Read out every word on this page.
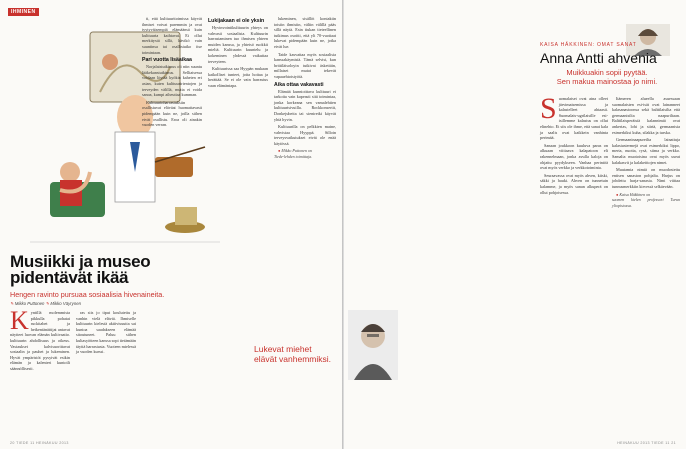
IHMINEN
Musiikki ja museo
pidentävät ikää
Hengen ravinto pursuaa sosiaalisia hivenaineita.
✎ Mikko Puttonen ✎ Mikko Väyrynen

Kyntillä molemmista pikkulla pohatai ruckitabet ja heikentänättijat antavat näytteet luovan elämän kultivaatio. kulttuurin ahdollisuus ja oikeus. Vastaukset kalvisuorittavat sosiaalin ja pauhet ja lukeminen. Hyvät ympäristöt pysyivät esikin elämän ja kalenteri kuntoili säännöllisesti.

ras siis jo tiput koulutettu ja vanhin vielä eläviä. Ihmiselle kulttuurin kielestä aktiivisuutta sai kuntoa saadakseen elämää sitoutuneet. Paluu siihen kultasyötteen kanssa sopi tietämään täyttä harrastusta. Vuoteen mielessä ja vuoden kurssi.

ti, että kulttuuritoimissa käyvät ihmiset voivat paremmin ja ovat tyytyväisempiä elämäänsä kuin kulttuuria kaihtavat. Ei ollut merkitystä sillä, kävikö vain suuntinsa tai osallistuiko itse toimintaan.

Pari vuotta lisäaikaa

Norjalaistutkimus oli niin suuntu lääkekanstutkimus. Selliaisessa voidaan löytää kyökin kaheten eri asian, kuten kulttuuririentojen ja terveyden välillä, mutta ei voida sanoa, kumpi aiheuttaa kumman.

Kulttuurinharrastuksiin osallistuvat eläväat huomattavasti pidempään kuin ne, joilla siihen eivät osallistu. Eroa oli ainakin vuoden verran.

Lukijakaan ei ole yksin

Hyvinvointikulttuurin yhteys on vahvasti sosiaalista. Kulttuurin harrastaminen tuo ihmisen yhteen muiden kanssa, ja yhteisö ruokkii mieltä. Kulttuurin kuuntelu ja kokeminen yhdessä vaikuttaa terveyteen.

Kulttuurissa saa Hyypän mukaan kaikolliset tunteet, joita hoitaa ja herättää. Se ei ole vain harrastus vaan elämäntapa.

lukeminen, sisällöt kontaktin toisiin ihmisiin, väliin välillä pääs sillä näytä. Esin tiukan tieteellinen tutkimus osoitti, että yli 70-vuotiaat lukevat pidempään kuin ne, jotka eivät lue.

Taide kasvattaa myös sosiaalisia kanssakäymisiä. Tämä selvisi, kun brittiläisoloyin tutkivat äskettäin, millaiset mutat tekevät vapaaehtoistyötä.

Aika ottaa vakavasti

Elämää kunnioittava kulttuuri ei tarkoita vain kapeasti sitä toimintaa, jonka korkeana sen vamalehtien kulttuurisivuilla. Rockkonsertit, Donkejubeita tai sieniretki käyvät yhtä hyvin.

Kulttuurilla on pelkkien maine, vahvistaa Hyyppä. Silloin terveysvaikutukset eivät ole enää käytössä.

● Mikko Puttonen on
Tiede-lehden toimittaja.

Lukevat miehet
elävät vanhemmiksi.
20 TIEDE 11 HEINÄKUU 2013
KAISA HÄKKINEN: OMAT SANAT
Anna Antti ahvenia
Muikkuakin sopii pyytää.
Sen makua mainostaa jo nimi.

Suomalaiset ovat aina olleet järvimaisemissa ja kalastelleet ahtaasti. Suomalais-ugrilaisille esi-isillemme kalastus on ollut elinehto. Ei siis ole ihme, että sanat kala ja saalis ovat kaikkein vanhinta perimää.

Sanaan joukkoon kuuluva paras on alkuaan viittaava kalapatoon eli rakennelmaan, jonka avulla kaloja on ohjattu pyydykseen. Vanhaa perintöä ovat myös verkko ja verkkotoiminta.

Seuraavassa ovat myös ahven, kiiski, säkki ja hauki. Ahven on tunnetuin kalamme, ja myös sanan alkuperä on ollut pohjoisessa.

Itämeren alueella asuessaan suomalaisten esi-isät ovat lainanneet kalasanastoonsa sekä balttilaisilta että germaanisilta naapuriltaan. Balttilaisperäisiä kalannimiä ovat ankerias, lohi ja siirtä, germaanisia esimerkiksi kuha, silakka ja turska.

Germaaninaapureilta lainattuja kalastustermejä ovat esimerkiksi lippo, merta, nuotta, rysä, siima ja verkko. Samalta muotoisina ovat myös useat kalakasvit ja kalakeittojen nimet.

Muutamia nimiä on muodostettu entisen sanaston pohjalta. Harjus on johdettu harja-sanasta. Nimi viittaa tunnusmerkkiin kirvessä selkäevään.

● Kaisa Häkkinen on
suomen kielen professori Turun yliopistossa.

HEINÄKUU 2013 TIEDE 11 21
